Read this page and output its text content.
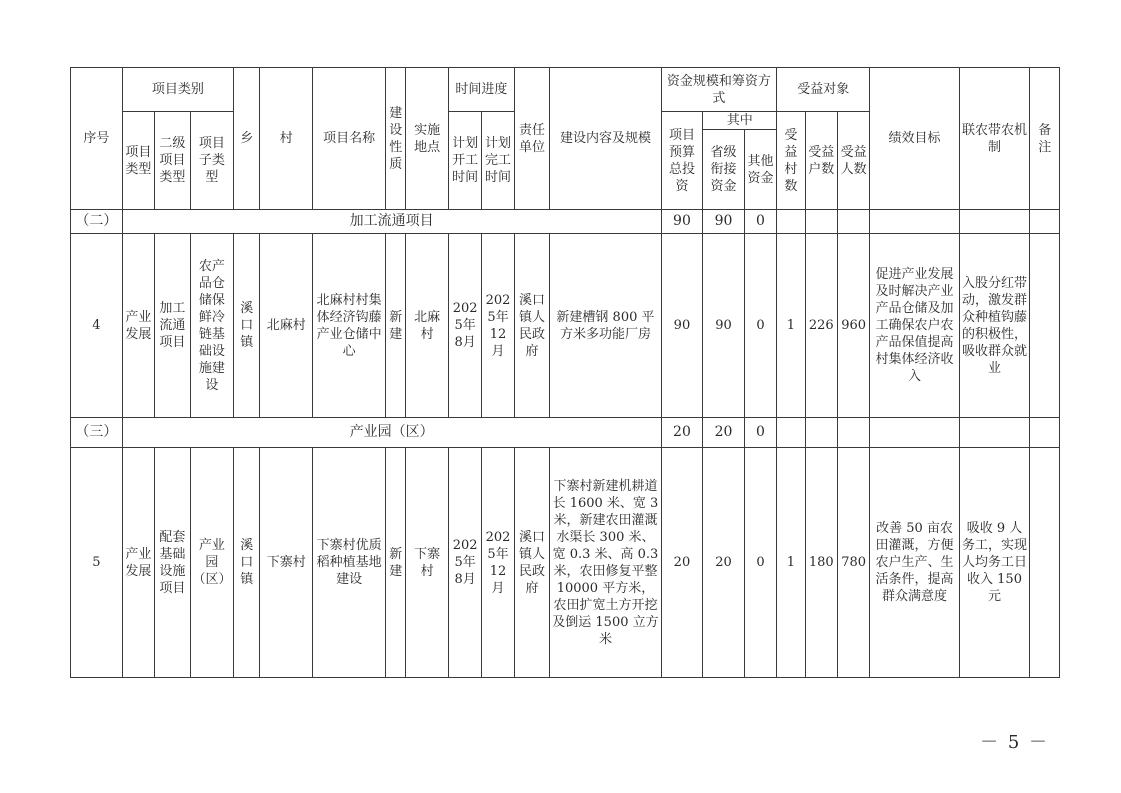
序号	项目类别			乡	村	项目名称	建设性质	实施地点	时间进度		责任单位	建设内容及规模	资金规模和筹资方式			受益对象			绩效目标	联农带农机制	备注
	项目类型	二级项目类型	项目子类型						计划开工时间	计划完工时间			项目预算总投资	其中		受益村数	受益户数	受益人数			
														省级衔接资金	其他资金						
（二）	加工流通项目												90	90	0						
4	产业发展	加工流通项目	农产品仓储保鲜冷链基础设施建设	溪口镇	北麻村	北麻村村集体经济钩藤产业仓储中心	新建	北麻村	2025年8月	2025年12月	溪口镇人民政府	新建槽钢 800 平方米多功能厂房	90	90	0	1	226	960	促进产业发展及时解决产业产品仓储及加工确保农户农产品保值提高村集体经济收入	入股分红带动，激发群众种植钩藤的积极性，吸收群众就业	
（三）	产业园（区）												20	20	0						
5	产业发展	配套基础设施项目	产业园（区）	溪口镇	下寨村	下寨村优质稻种植基地建设	新建	下寨村	2025年8月	2025年12月	溪口镇人民政府	下寨村新建机耕道长 1600 米、宽 3 米，新建农田灌溉水渠长 300 米、宽 0.3 米、高 0.3 米，农田修复平整 10000 平方米，农田扩宽土方开挖及倒运 1500 立方米	20	20	0	1	180	780	改善 50 亩农田灌溉，方便农户生产、生活条件，提高群众满意度	吸收 9 人务工，实现人均务工日收入 150 元	
－ 5 －
